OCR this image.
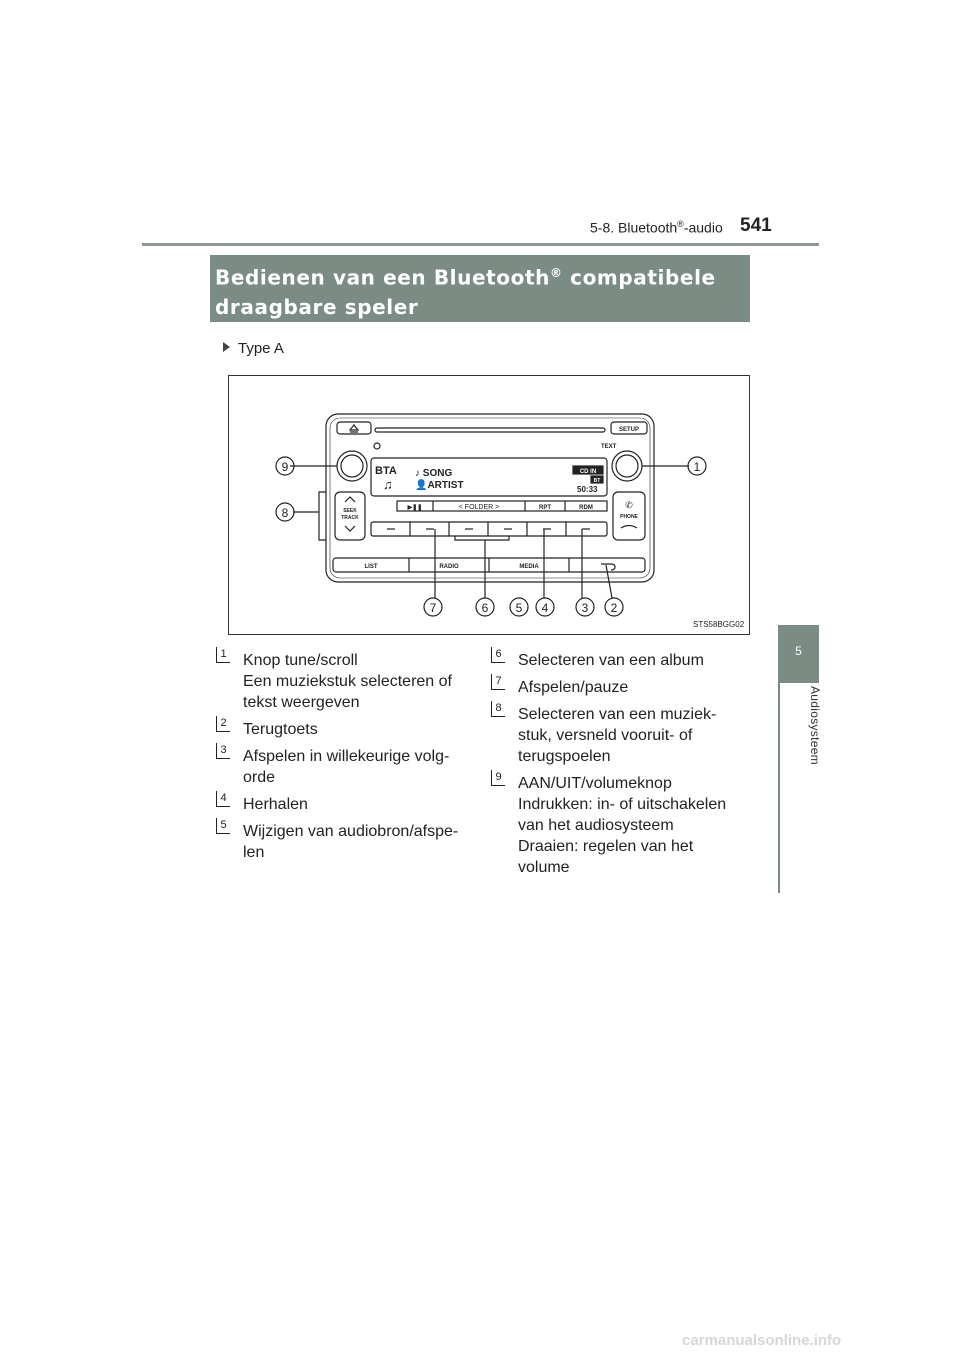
5-8. Bluetooth®-audio 541
5
Audiosysteem
Bedienen van een Bluetooth® compatibele
draagbare speler
Type A
SETUP
TEXT
BTA
♫
♪ SONG
👤ARTIST
CD IN
BT
50:33
▶❚❚	< FOLDER >	RPT	RDM
SEEK
TRACK
✆
PHONE
LIST	RADIO	MEDIA
1
2
3
4
5
6
7
8
9
STS58BGG02
1 Knop tune/scroll
Een muziekstuk selecteren of
tekst weergeven
2 Terugtoets
3 Afspelen in willekeurige volg-
orde
4 Herhalen
5 Wijzigen van audiobron/afspe-
len
6 Selecteren van een album
7 Afspelen/pauze
8 Selecteren van een muziek-
stuk, versneld vooruit- of
terugspoelen
9 AAN/UIT/volumeknop
Indrukken: in- of uitschakelen
van het audiosysteem
Draaien: regelen van het
volume
carmanualsonline.info
